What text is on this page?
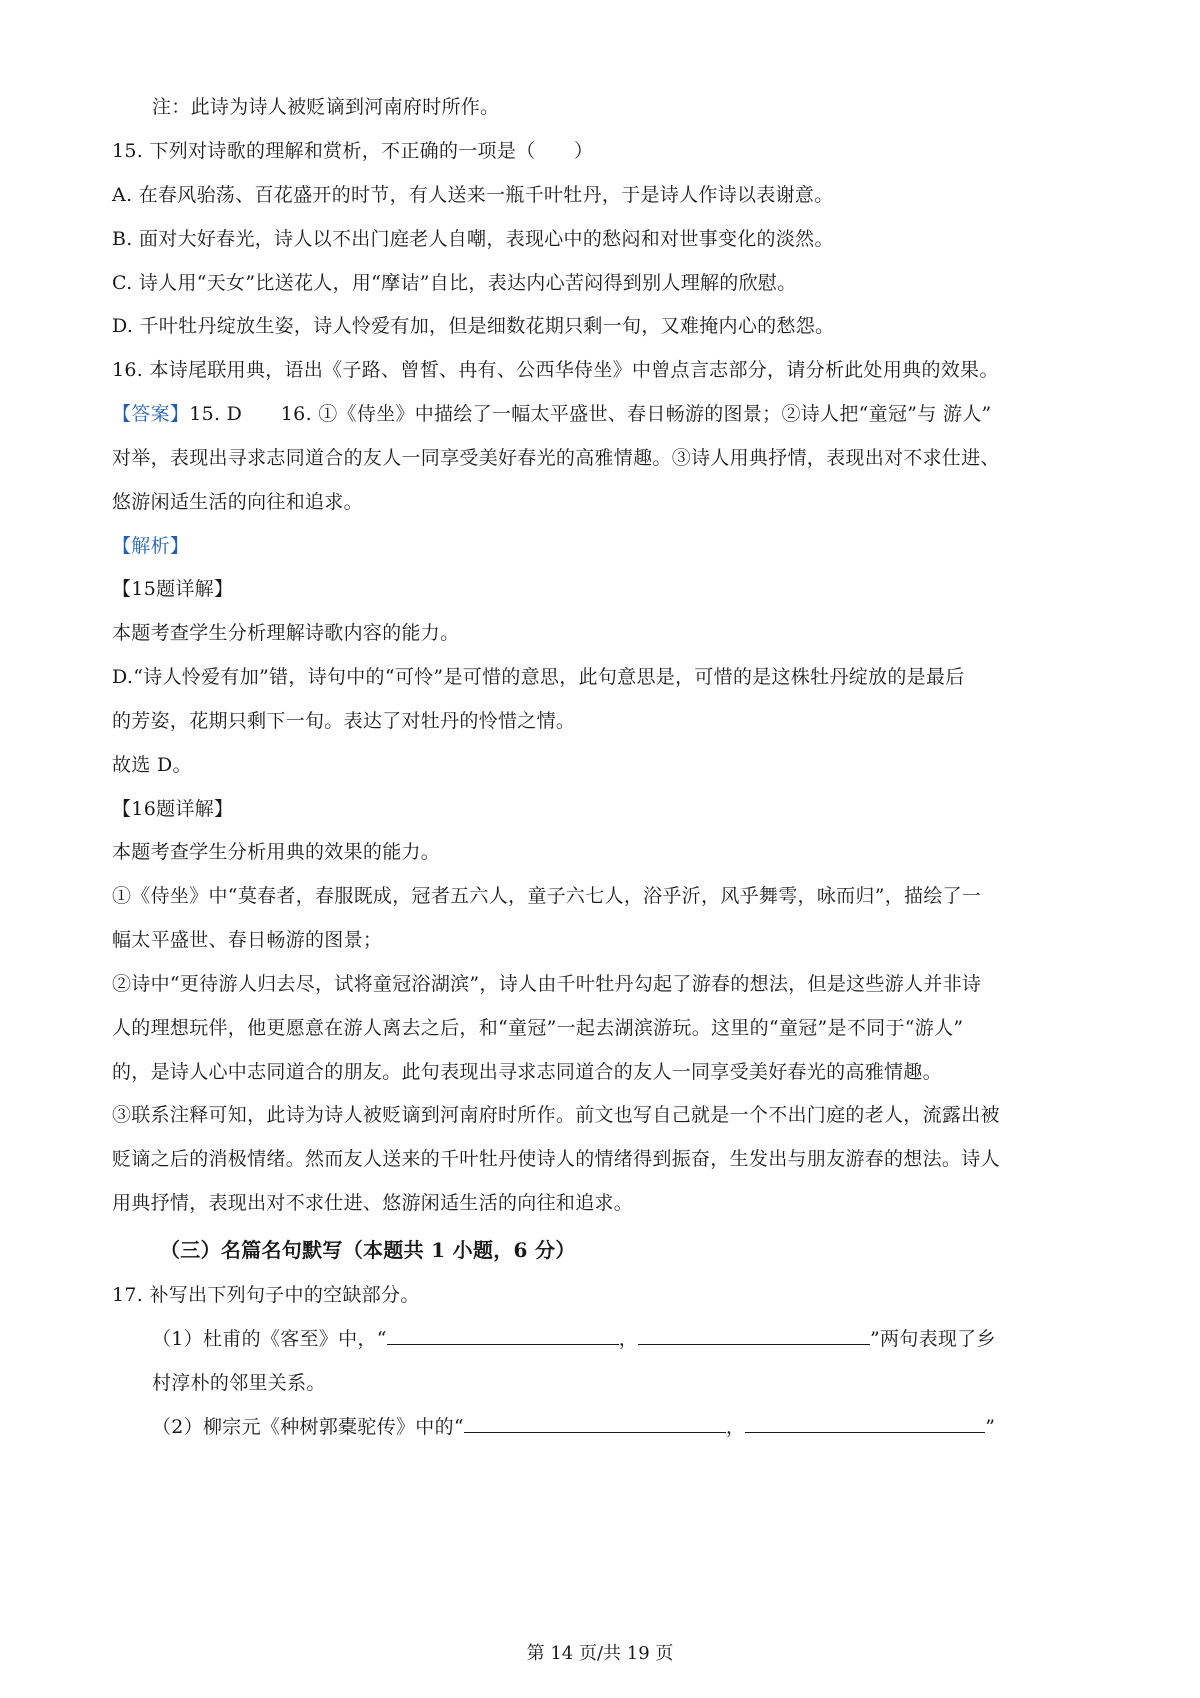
注：此诗为诗人被贬谪到河南府时所作。
15. 下列对诗歌的理解和赏析，不正确的一项是（　　）
A. 在春风骀荡、百花盛开的时节，有人送来一瓶千叶牡丹，于是诗人作诗以表谢意。
B. 面对大好春光，诗人以不出门庭老人自嘲，表现心中的愁闷和对世事变化的淡然。
C. 诗人用“天女”比送花人，用“摩诘”自比，表达内心苦闷得到别人理解的欣慰。
D. 千叶牡丹绽放生姿，诗人怜爱有加，但是细数花期只剩一旬，又难掩内心的愁怨。
16. 本诗尾联用典，语出《子路、曾皙、冉有、公西华侍坐》中曾点言志部分，请分析此处用典的效果。
【答案】15. D　　16. ①《侍坐》中描绘了一幅太平盛世、春日畅游的图景；②诗人把“童冠”与 游人”
对举，表现出寻求志同道合的友人一同享受美好春光的高雅情趣。③诗人用典抒情，表现出对不求仕进、
悠游闲适生活的向往和追求。
【解析】
【15题详解】
本题考查学生分析理解诗歌内容的能力。
D.“诗人怜爱有加”错，诗句中的“可怜”是可惜的意思，此句意思是，可惜的是这株牡丹绽放的是最后
的芳姿，花期只剩下一旬。表达了对牡丹的怜惜之情。
故选 D。
【16题详解】
本题考查学生分析用典的效果的能力。
①《侍坐》中“莫春者，春服既成，冠者五六人，童子六七人，浴乎沂，风乎舞雩，咏而归”，描绘了一
幅太平盛世、春日畅游的图景；
②诗中“更待游人归去尽，试将童冠浴湖滨”，诗人由千叶牡丹勾起了游春的想法，但是这些游人并非诗
人的理想玩伴，他更愿意在游人离去之后，和“童冠”一起去湖滨游玩。这里的“童冠”是不同于“游人”
的，是诗人心中志同道合的朋友。此句表现出寻求志同道合的友人一同享受美好春光的高雅情趣。
③联系注释可知，此诗为诗人被贬谪到河南府时所作。前文也写自己就是一个不出门庭的老人，流露出被
贬谪之后的消极情绪。然而友人送来的千叶牡丹使诗人的情绪得到振奋，生发出与朋友游春的想法。诗人
用典抒情，表现出对不求仕进、悠游闲适生活的向往和追求。
（三）名篇名句默写（本题共 1 小题，6 分）
17. 补写出下列句子中的空缺部分。
（1）杜甫的《客至》中，“	，	”两句表现了乡
村淳朴的邻里关系。
（2）柳宗元《种树郭橐驼传》中的“	，	”
第 14 页/共 19 页
